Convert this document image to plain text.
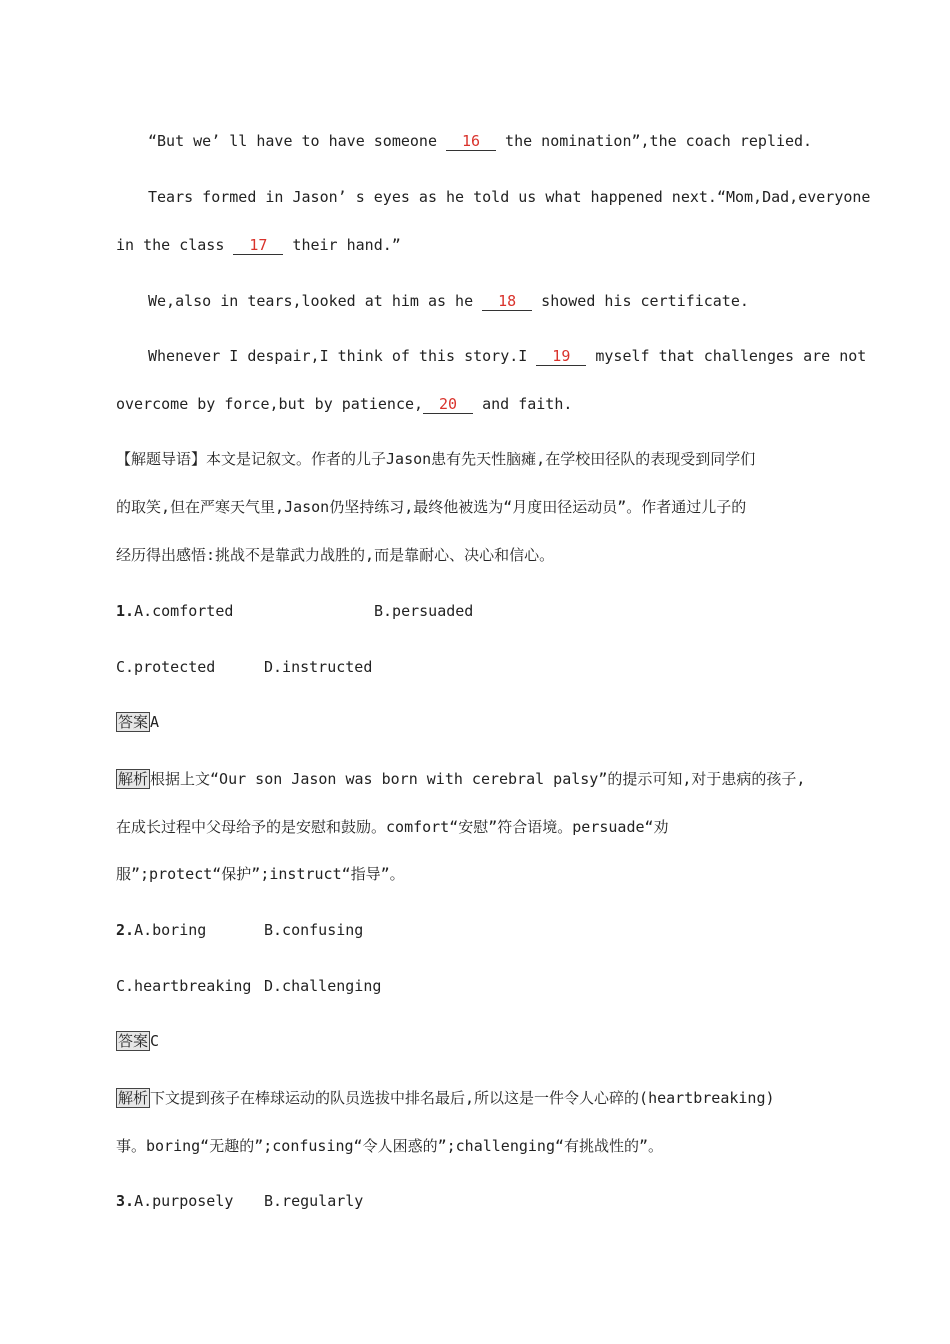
“But we’ ll have to have someone 16 the nomination”,the coach replied.
Tears formed in Jason’ s eyes as he told us what happened next.“Mom,Dad,everyone
in the class 17 their hand.”
We,also in tears,looked at him as he 18 showed his certificate.
Whenever I despair,I think of this story.I 19 myself that challenges are not
overcome by force,but by patience, 20 and faith.
【解题导语】本文是记叙文。作者的儿子Jason患有先天性脑瘫,在学校田径队的表现受到同学们
的取笑,但在严寒天气里,Jason仍坚持练习,最终他被选为“月度田径运动员”。作者通过儿子的
经历得出感悟:挑战不是靠武力战胜的,而是靠耐心、决心和信心。
1.A.comforted	B.persuaded
C.protected	D.instructed
答案 A
解析 根据上文“Our son Jason was born with cerebral palsy”的提示可知,对于患病的孩子,
在成长过程中父母给予的是安慰和鼓励。comfort“安慰”符合语境。persuade“劝
服”;protect“保护”;instruct“指导”。
2.A.boring	B.confusing
C.heartbreaking D.challenging
答案 C
解析 下文提到孩子在棒球运动的队员选拔中排名最后,所以这是一件令人心碎的(heartbreaking)
事。boring“无趣的”;confusing“令人困惑的”;challenging“有挑战性的”。
3.A.purposely B.regularly
